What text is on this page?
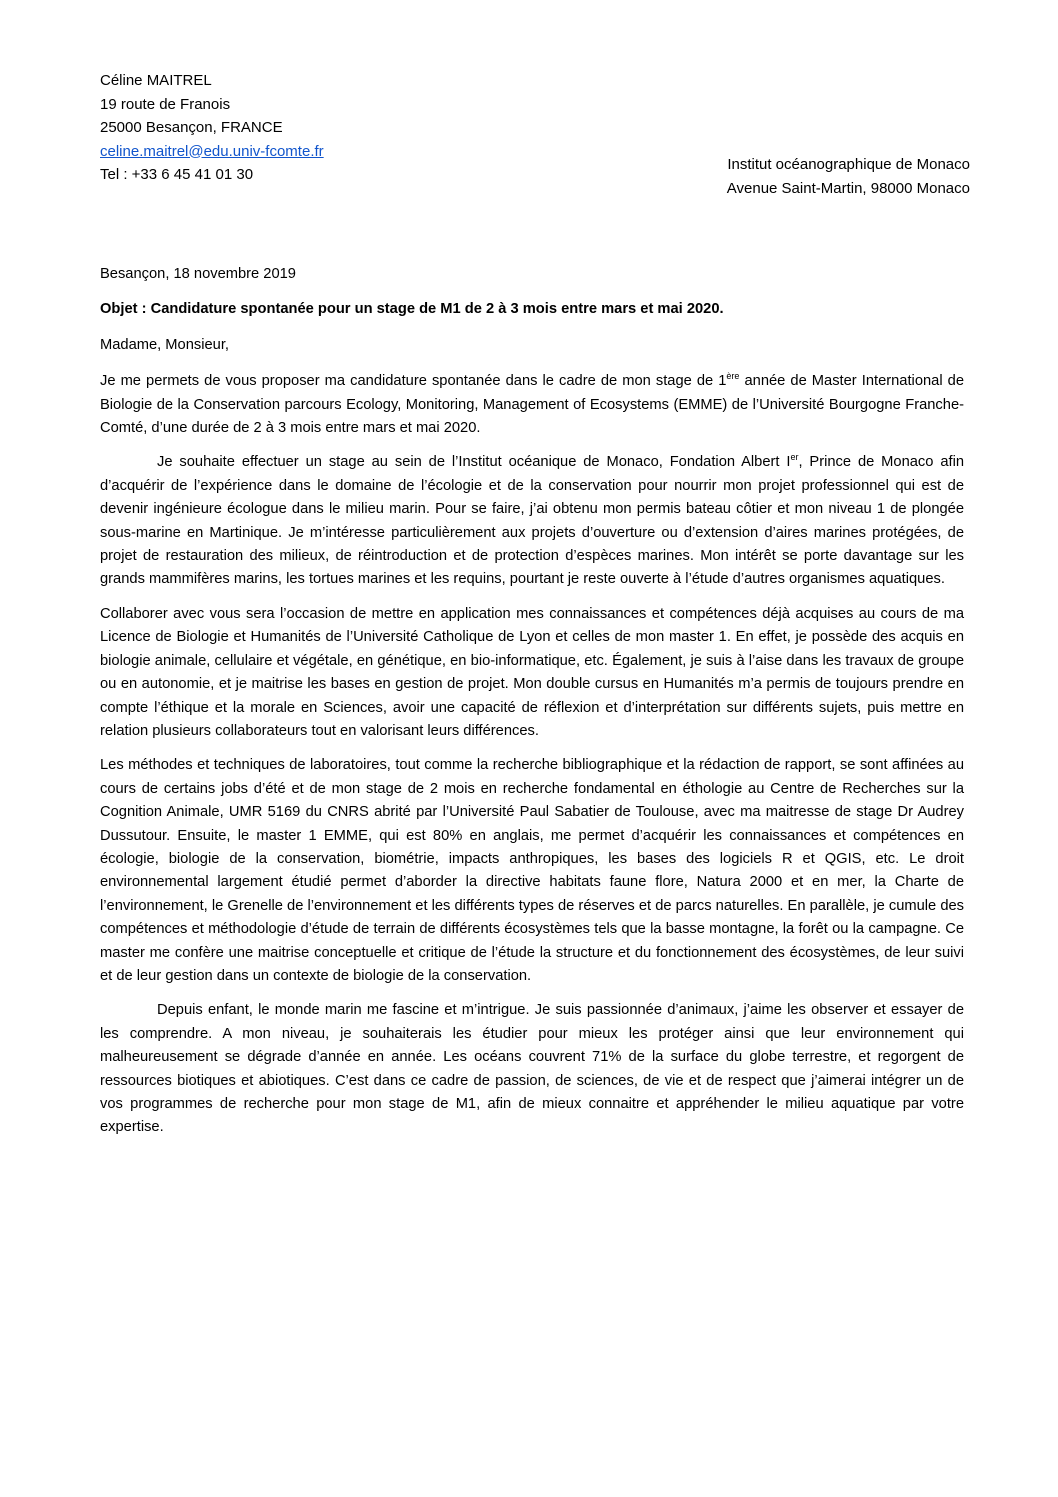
Céline MAITREL
19 route de Franois
25000 Besançon, FRANCE
celine.maitrel@edu.univ-fcomte.fr
Tel : +33 6 45 41 01 30
Institut océanographique de Monaco
Avenue Saint-Martin, 98000 Monaco
Besançon, 18 novembre 2019
Objet : Candidature spontanée pour un stage de M1 de 2 à 3 mois entre mars et mai 2020.
Madame, Monsieur,

Je me permets de vous proposer ma candidature spontanée dans le cadre de mon stage de 1ère année de Master International de Biologie de la Conservation parcours Ecology, Monitoring, Management of Ecosystems (EMME) de l’Université Bourgogne Franche-Comté, d’une durée de 2 à 3 mois entre mars et mai 2020.

Je souhaite effectuer un stage au sein de l’Institut océanique de Monaco, Fondation Albert Ier, Prince de Monaco afin d’acquérir de l’expérience dans le domaine de l’écologie et de la conservation pour nourrir mon projet professionnel qui est de devenir ingénieure écologue dans le milieu marin. Pour se faire, j’ai obtenu mon permis bateau côtier et mon niveau 1 de plongée sous-marine en Martinique. Je m’intéresse particulièrement aux projets d’ouverture ou d’extension d’aires marines protégées, de projet de restauration des milieux, de réintroduction et de protection d’espèces marines. Mon intérêt se porte davantage sur les grands mammifères marins, les tortues marines et les requins, pourtant je reste ouverte à l’étude d’autres organismes aquatiques.

Collaborer avec vous sera l’occasion de mettre en application mes connaissances et compétences déjà acquises au cours de ma Licence de Biologie et Humanités de l’Université Catholique de Lyon et celles de mon master 1. En effet, je possède des acquis en biologie animale, cellulaire et végétale, en génétique, en bio-informatique, etc. Également, je suis à l’aise dans les travaux de groupe ou en autonomie, et je maitrise les bases en gestion de projet. Mon double cursus en Humanités m’a permis de toujours prendre en compte l’éthique et la morale en Sciences, avoir une capacité de réflexion et d’interprétation sur différents sujets, puis mettre en relation plusieurs collaborateurs tout en valorisant leurs différences.

Les méthodes et techniques de laboratoires, tout comme la recherche bibliographique et la rédaction de rapport, se sont affinées au cours de certains jobs d’été et de mon stage de 2 mois en recherche fondamental en éthologie au Centre de Recherches sur la Cognition Animale, UMR 5169 du CNRS abrité par l’Université Paul Sabatier de Toulouse, avec ma maitresse de stage Dr Audrey Dussutour. Ensuite, le master 1 EMME, qui est 80% en anglais, me permet d’acquérir les connaissances et compétences en écologie, biologie de la conservation, biométrie, impacts anthropiques, les bases des logiciels R et QGIS, etc. Le droit environnemental largement étudié permet d’aborder la directive habitats faune flore, Natura 2000 et en mer, la Charte de l’environnement, le Grenelle de l’environnement et les différents types de réserves et de parcs naturelles. En parallèle, je cumule des compétences et méthodologie d’étude de terrain de différents écosystèmes tels que la basse montagne, la forêt ou la campagne. Ce master me confère une maitrise conceptuelle et critique de l’étude la structure et du fonctionnement des écosystèmes, de leur suivi et de leur gestion dans un contexte de biologie de la conservation.

Depuis enfant, le monde marin me fascine et m’intrigue. Je suis passionnée d’animaux, j’aime les observer et essayer de les comprendre. A mon niveau, je souhaiterais les étudier pour mieux les protéger ainsi que leur environnement qui malheureusement se dégrade d’année en année. Les océans couvrent 71% de la surface du globe terrestre, et regorgent de ressources biotiques et abiotiques. C’est dans ce cadre de passion, de sciences, de vie et de respect que j’aimerai intégrer un de vos programmes de recherche pour mon stage de M1, afin de mieux connaitre et appréhender le milieu aquatique par votre expertise.
